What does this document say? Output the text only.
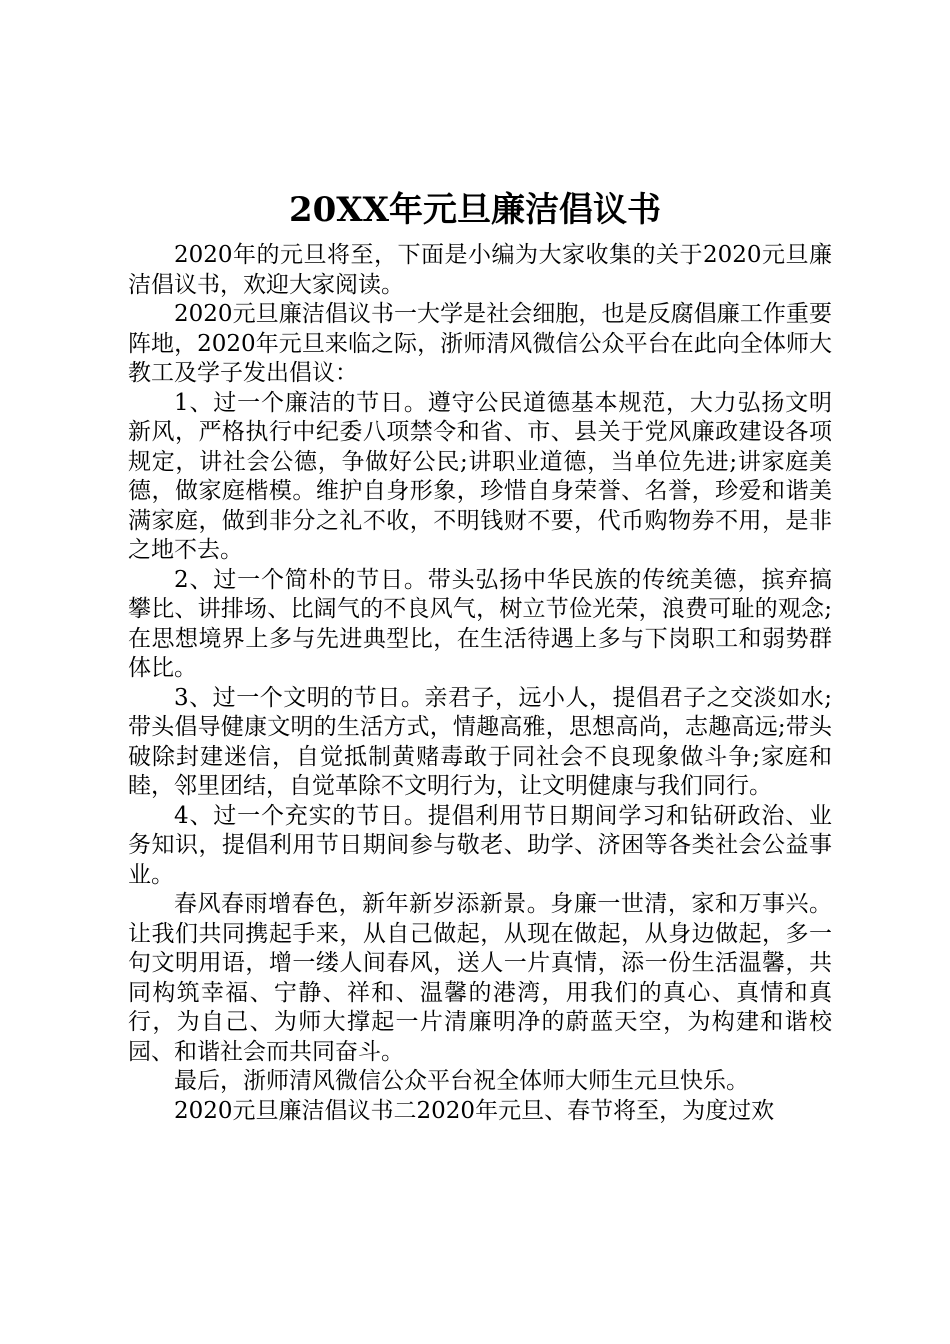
20XX年元旦廉洁倡议书

2020年的元旦将至，下面是小编为大家收集的关于2020元旦廉洁倡议书，欢迎大家阅读。

2020元旦廉洁倡议书一大学是社会细胞，也是反腐倡廉工作重要阵地，2020年元旦来临之际，浙师清风微信公众平台在此向全体师大教工及学子发出倡议：

1、过一个廉洁的节日。遵守公民道德基本规范，大力弘扬文明新风，严格执行中纪委八项禁令和省、市、县关于党风廉政建设各项规定，讲社会公德，争做好公民;讲职业道德，当单位先进;讲家庭美德，做家庭楷模。维护自身形象，珍惜自身荣誉、名誉，珍爱和谐美满家庭，做到非分之礼不收，不明钱财不要，代币购物券不用，是非之地不去。

2、过一个简朴的节日。带头弘扬中华民族的传统美德，摈弃搞攀比、讲排场、比阔气的不良风气，树立节俭光荣，浪费可耻的观念;在思想境界上多与先进典型比，在生活待遇上多与下岗职工和弱势群体比。

3、过一个文明的节日。亲君子，远小人，提倡君子之交淡如水;带头倡导健康文明的生活方式，情趣高雅，思想高尚，志趣高远;带头破除封建迷信，自觉抵制黄赌毒敢于同社会不良现象做斗争;家庭和睦，邻里团结，自觉革除不文明行为，让文明健康与我们同行。

4、过一个充实的节日。提倡利用节日期间学习和钻研政治、业务知识，提倡利用节日期间参与敬老、助学、济困等各类社会公益事业。

春风春雨增春色，新年新岁添新景。身廉一世清，家和万事兴。让我们共同携起手来，从自己做起，从现在做起，从身边做起，多一句文明用语，增一缕人间春风，送人一片真情，添一份生活温馨，共同构筑幸福、宁静、祥和、温馨的港湾，用我们的真心、真情和真行，为自己、为师大撑起一片清廉明净的蔚蓝天空，为构建和谐校园、和谐社会而共同奋斗。

最后，浙师清风微信公众平台祝全体师大师生元旦快乐。

2020元旦廉洁倡议书二2020年元旦、春节将至，为度过欢
